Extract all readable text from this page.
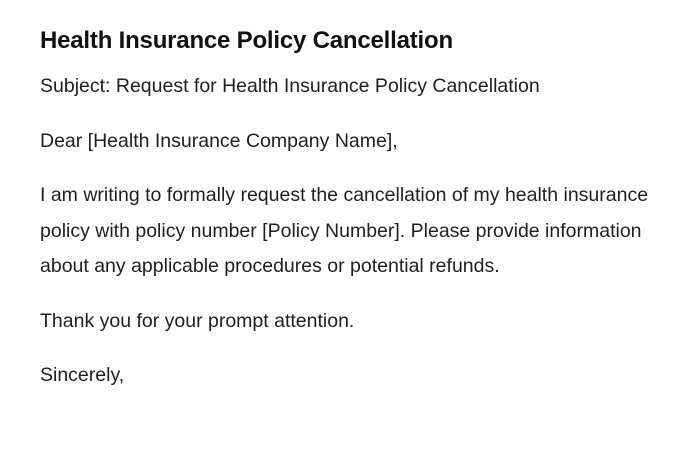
Health Insurance Policy Cancellation

Subject: Request for Health Insurance Policy Cancellation

Dear [Health Insurance Company Name],

I am writing to formally request the cancellation of my health insurance policy with policy number [Policy Number]. Please provide information about any applicable procedures or potential refunds.

Thank you for your prompt attention.

Sincerely,
